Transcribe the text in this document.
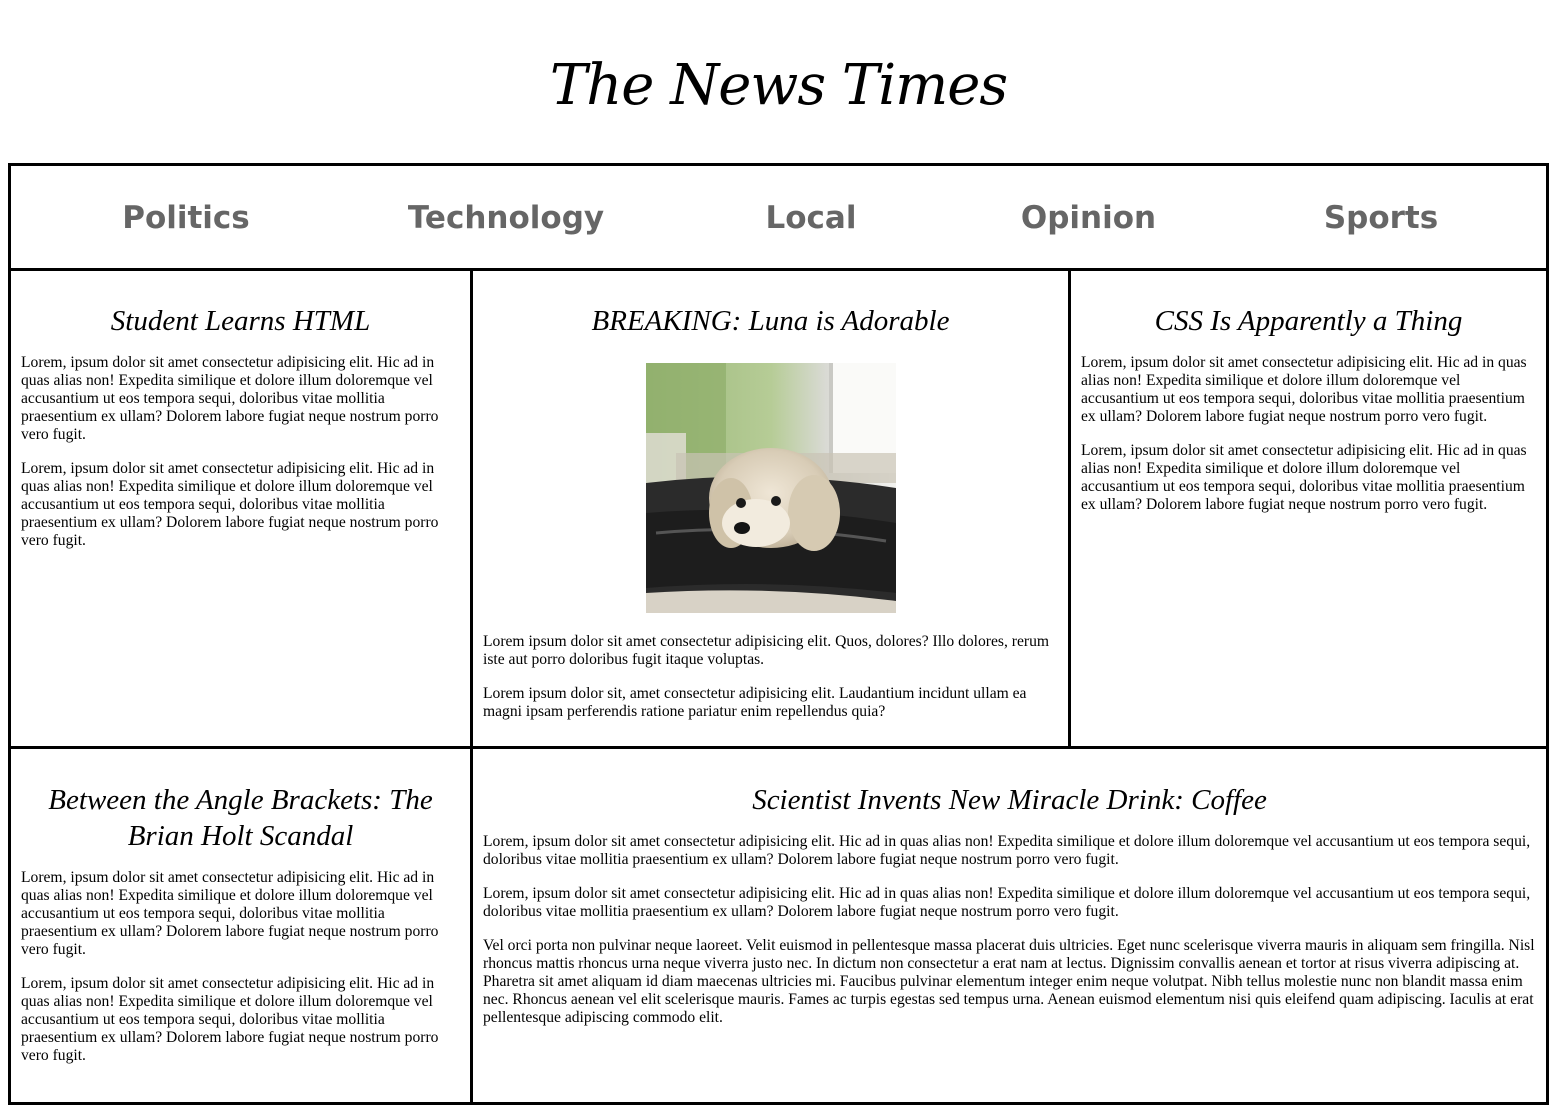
The News Times
Politics	Technology	Local	Opinion	Sports
Student Learns HTML

Lorem, ipsum dolor sit amet consectetur adipisicing elit. Hic ad in quas alias non! Expedita similique et dolore illum doloremque vel accusantium ut eos tempora sequi, doloribus vitae mollitia praesentium ex ullam? Dolorem labore fugiat neque nostrum porro vero fugit.

Lorem, ipsum dolor sit amet consectetur adipisicing elit. Hic ad in quas alias non! Expedita similique et dolore illum doloremque vel accusantium ut eos tempora sequi, doloribus vitae mollitia praesentium ex ullam? Dolorem labore fugiat neque nostrum porro vero fugit.

BREAKING: Luna is Adorable

Lorem ipsum dolor sit amet consectetur adipisicing elit. Quos, dolores? Illo dolores, rerum iste aut porro doloribus fugit itaque voluptas.

Lorem ipsum dolor sit, amet consectetur adipisicing elit. Laudantium incidunt ullam ea magni ipsam perferendis ratione pariatur enim repellendus quia?

CSS Is Apparently a Thing

Lorem, ipsum dolor sit amet consectetur adipisicing elit. Hic ad in quas alias non! Expedita similique et dolore illum doloremque vel accusantium ut eos tempora sequi, doloribus vitae mollitia praesentium ex ullam? Dolorem labore fugiat neque nostrum porro vero fugit.

Lorem, ipsum dolor sit amet consectetur adipisicing elit. Hic ad in quas alias non! Expedita similique et dolore illum doloremque vel accusantium ut eos tempora sequi, doloribus vitae mollitia praesentium ex ullam? Dolorem labore fugiat neque nostrum porro vero fugit.

Between the Angle Brackets: The Brian Holt Scandal

Lorem, ipsum dolor sit amet consectetur adipisicing elit. Hic ad in quas alias non! Expedita similique et dolore illum doloremque vel accusantium ut eos tempora sequi, doloribus vitae mollitia praesentium ex ullam? Dolorem labore fugiat neque nostrum porro vero fugit.

Lorem, ipsum dolor sit amet consectetur adipisicing elit. Hic ad in quas alias non! Expedita similique et dolore illum doloremque vel accusantium ut eos tempora sequi, doloribus vitae mollitia praesentium ex ullam? Dolorem labore fugiat neque nostrum porro vero fugit.

Scientist Invents New Miracle Drink: Coffee

Lorem, ipsum dolor sit amet consectetur adipisicing elit. Hic ad in quas alias non! Expedita similique et dolore illum doloremque vel accusantium ut eos tempora sequi, doloribus vitae mollitia praesentium ex ullam? Dolorem labore fugiat neque nostrum porro vero fugit.

Lorem, ipsum dolor sit amet consectetur adipisicing elit. Hic ad in quas alias non! Expedita similique et dolore illum doloremque vel accusantium ut eos tempora sequi, doloribus vitae mollitia praesentium ex ullam? Dolorem labore fugiat neque nostrum porro vero fugit.

Vel orci porta non pulvinar neque laoreet. Velit euismod in pellentesque massa placerat duis ultricies. Eget nunc scelerisque viverra mauris in aliquam sem fringilla. Nisl rhoncus mattis rhoncus urna neque viverra justo nec. In dictum non consectetur a erat nam at lectus. Dignissim convallis aenean et tortor at risus viverra adipiscing at. Pharetra sit amet aliquam id diam maecenas ultricies mi. Faucibus pulvinar elementum integer enim neque volutpat. Nibh tellus molestie nunc non blandit massa enim nec. Rhoncus aenean vel elit scelerisque mauris. Fames ac turpis egestas sed tempus urna. Aenean euismod elementum nisi quis eleifend quam adipiscing. Iaculis at erat pellentesque adipiscing commodo elit.
